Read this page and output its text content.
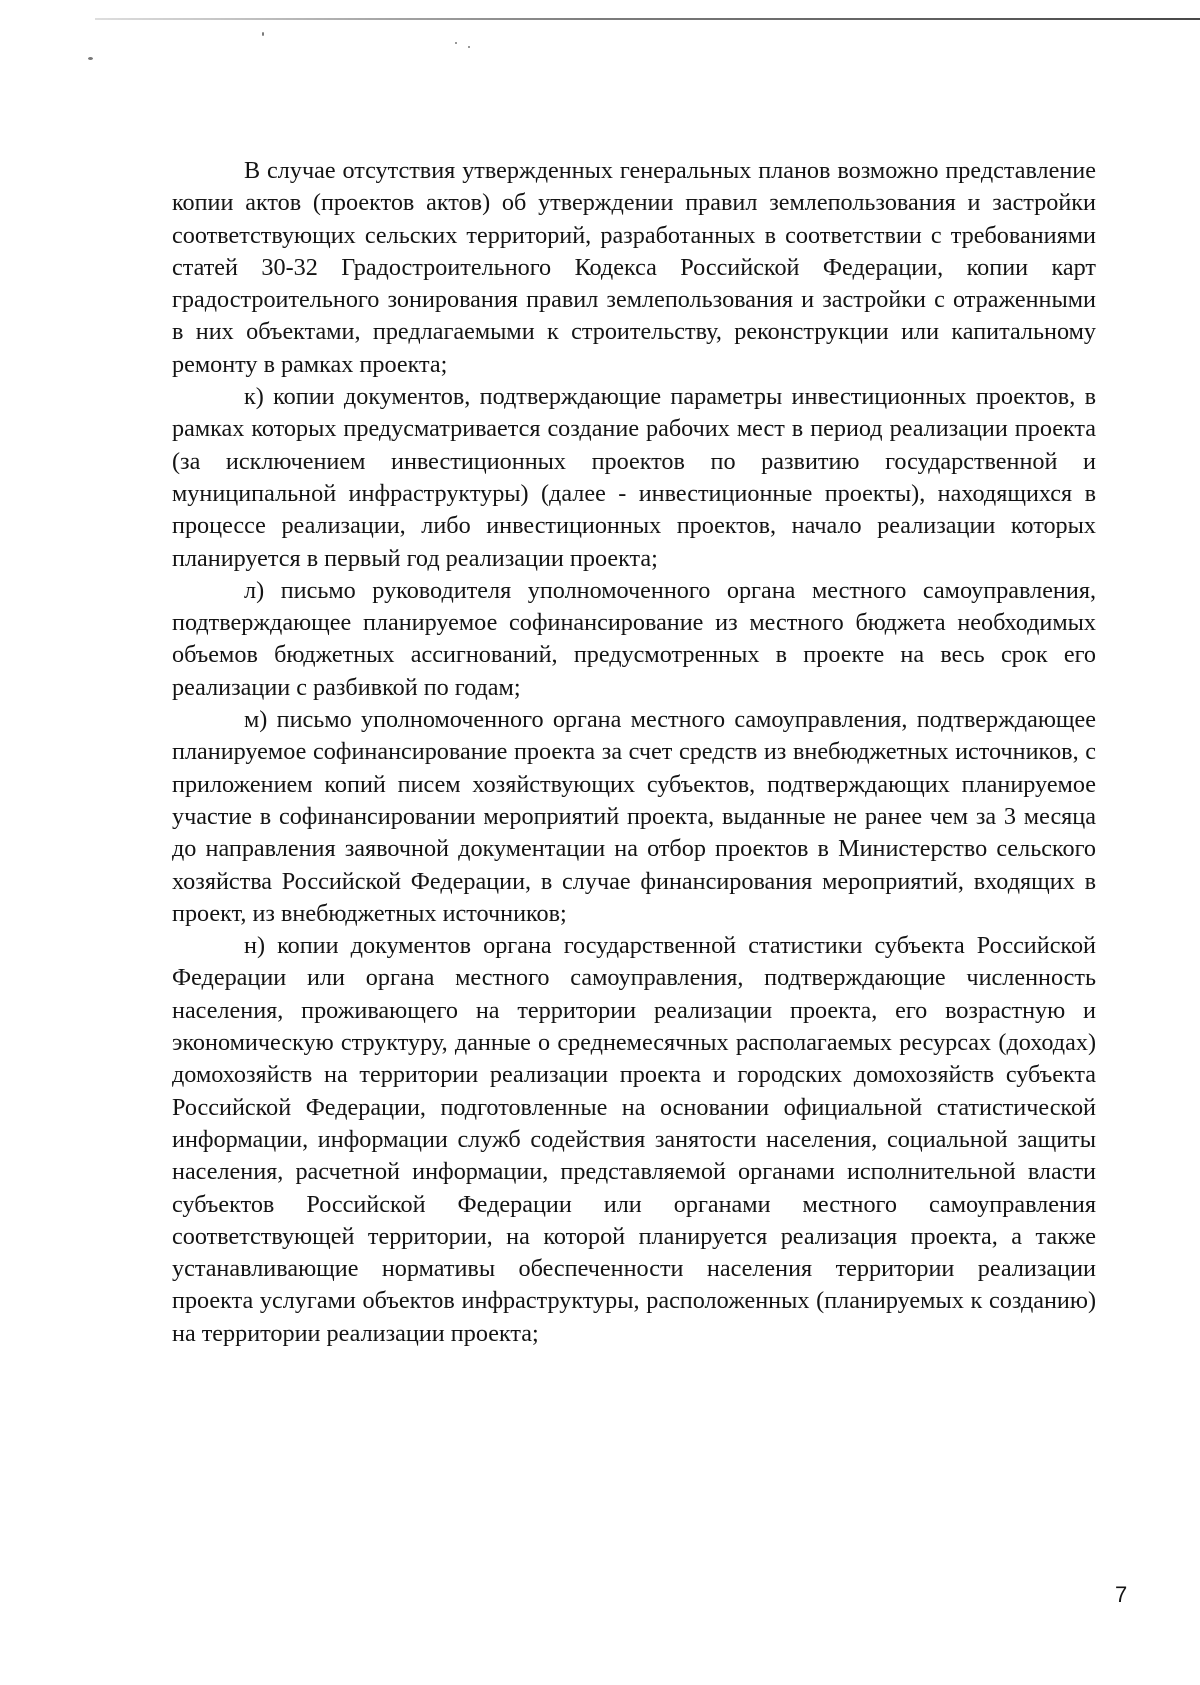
В случае отсутствия утвержденных генеральных планов возможно представление копии актов (проектов актов) об утверждении правил землепользования и застройки соответствующих сельских территорий, разработанных в соответствии с требованиями статей 30-32 Градостроительного Кодекса Российской Федерации, копии карт градостроительного зонирования правил землепользования и застройки с отраженными в них объектами, предлагаемыми к строительству, реконструкции или капитальному ремонту в рамках проекта;

к) копии документов, подтверждающие параметры инвестиционных проектов, в рамках которых предусматривается создание рабочих мест в период реализации проекта (за исключением инвестиционных проектов по развитию государственной и муниципальной инфраструктуры) (далее - инвестиционные проекты), находящихся в процессе реализации, либо инвестиционных проектов, начало реализации которых планируется в первый год реализации проекта;

л) письмо руководителя уполномоченного органа местного самоуправления, подтверждающее планируемое софинансирование из местного бюджета необходимых объемов бюджетных ассигнований, предусмотренных в проекте на весь срок его реализации с разбивкой по годам;

м) письмо уполномоченного органа местного самоуправления, подтверждающее планируемое софинансирование проекта за счет средств из внебюджетных источников, с приложением копий писем хозяйствующих субъектов, подтверждающих планируемое участие в софинансировании мероприятий проекта, выданные не ранее чем за 3 месяца до направления заявочной документации на отбор проектов в Министерство сельского хозяйства Российской Федерации, в случае финансирования мероприятий, входящих в проект, из внебюджетных источников;

н) копии документов органа государственной статистики субъекта Российской Федерации или органа местного самоуправления, подтверждающие численность населения, проживающего на территории реализации проекта, его возрастную и экономическую структуру, данные о среднемесячных располагаемых ресурсах (доходах) домохозяйств на территории реализации проекта и городских домохозяйств субъекта Российской Федерации, подготовленные на основании официальной статистической информации, информации служб содействия занятости населения, социальной защиты населения, расчетной информации, представляемой органами исполнительной власти субъектов Российской Федерации или органами местного самоуправления соответствующей территории, на которой планируется реализация проекта, а также устанавливающие нормативы обеспеченности населения территории реализации проекта услугами объектов инфраструктуры, расположенных (планируемых к созданию) на территории реализации проекта;

7
